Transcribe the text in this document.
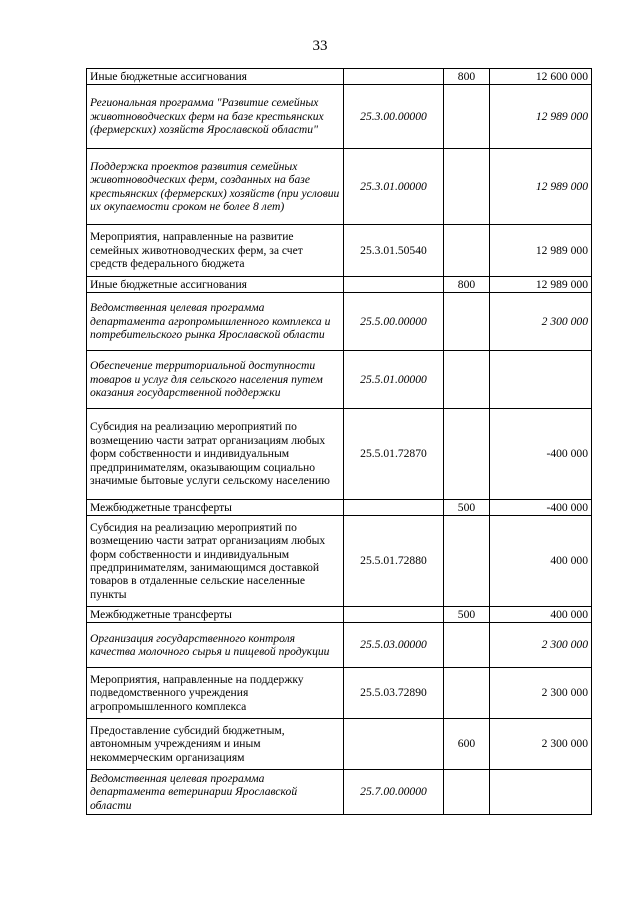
33
Иные бюджетные ассигнования		800	12 600 000
Региональная программа "Развитие семейных животноводческих ферм на базе крестьянских (фермерских) хозяйств Ярославской области"	25.3.00.00000		12 989 000
Поддержка проектов развития семейных животноводческих ферм, созданных на базе крестьянских (фермерских) хозяйств (при условии их окупаемости сроком не более 8 лет)	25.3.01.00000		12 989 000
Мероприятия, направленные на развитие семейных животноводческих ферм, за счет средств федерального бюджета	25.3.01.50540		12 989 000
Иные бюджетные ассигнования		800	12 989 000
Ведомственная целевая программа департамента агропромышленного комплекса и потребительского рынка Ярославской области	25.5.00.00000		2 300 000
Обеспечение территориальной доступности товаров и услуг для сельского населения путем оказания государственной поддержки	25.5.01.00000		
Субсидия на реализацию мероприятий по возмещению части затрат организациям любых форм собственности и индивидуальным предпринимателям, оказывающим социально значимые бытовые услуги сельскому населению	25.5.01.72870		-400 000
Межбюджетные трансферты		500	-400 000
Субсидия на реализацию мероприятий по возмещению части затрат организациям любых форм собственности и индивидуальным предпринимателям, занимающимся доставкой товаров в отдаленные сельские населенные пункты	25.5.01.72880		400 000
Межбюджетные трансферты		500	400 000
Организация государственного контроля качества молочного сырья и пищевой продукции	25.5.03.00000		2 300 000
Мероприятия, направленные на поддержку подведомственного учреждения агропромышленного комплекса	25.5.03.72890		2 300 000
Предоставление субсидий бюджетным, автономным учреждениям и иным некоммерческим организациям		600	2 300 000
Ведомственная целевая программа департамента ветеринарии Ярославской области	25.7.00.00000		
